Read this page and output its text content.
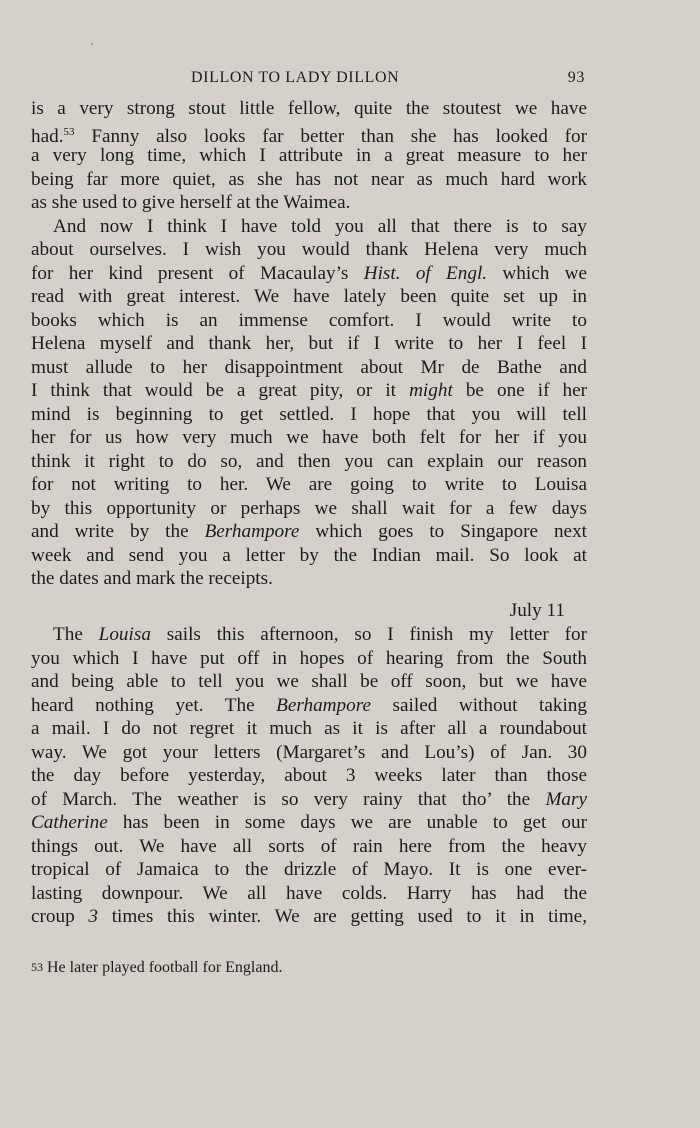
DILLON TO LADY DILLON	93
is a very strong stout little fellow, quite the stoutest we have
had.$^{53}$ Fanny also looks far better than she has looked for
a very long time, which I attribute in a great measure to her
being far more quiet, as she has not near as much hard work
as she used to give herself at the Waimea.
And now I think I have told you all that there is to say
about ourselves. I wish you would thank Helena very much
for her kind present of Macaulay’s Hist. of Engl. which we
read with great interest. We have lately been quite set up in
books which is an immense comfort. I would write to
Helena myself and thank her, but if I write to her I feel I
must allude to her disappointment about Mr de Bathe and
I think that would be a great pity, or it might be one if her
mind is beginning to get settled. I hope that you will tell
her for us how very much we have both felt for her if you
think it right to do so, and then you can explain our reason
for not writing to her. We are going to write to Louisa
by this opportunity or perhaps we shall wait for a few days
and write by the Berhampore which goes to Singapore next
week and send you a letter by the Indian mail. So look at
the dates and mark the receipts.
July 11
The Louisa sails this afternoon, so I finish my letter for
you which I have put off in hopes of hearing from the South
and being able to tell you we shall be off soon, but we have
heard nothing yet. The Berhampore sailed without taking
a mail. I do not regret it much as it is after all a roundabout
way. We got your letters (Margaret’s and Lou’s) of Jan. 30
the day before yesterday, about 3 weeks later than those
of March. The weather is so very rainy that tho’ the Mary
Catherine has been in some days we are unable to get our
things out. We have all sorts of rain here from the heavy
tropical of Jamaica to the drizzle of Mayo. It is one ever-
lasting downpour. We all have colds. Harry has had the
croup 3 times this winter. We are getting used to it in time,
53 He later played football for England.
